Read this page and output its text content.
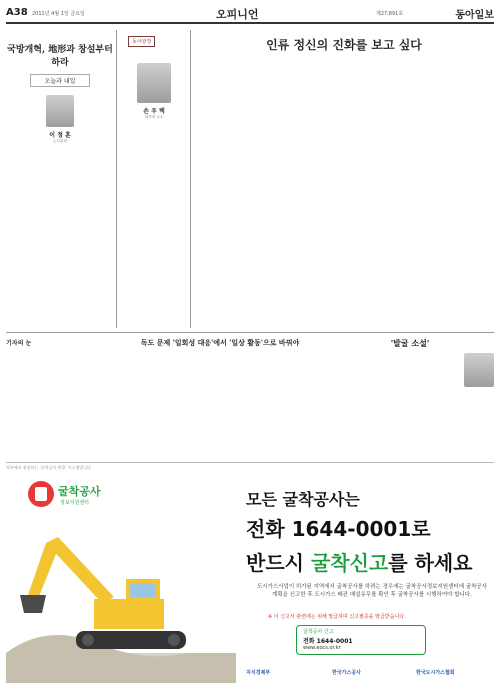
A38 2011년 4월 1일 금요일	오피니언	제27,891호	동아일보
국방개혁, 地形과 창설부터 하라
오늘과 내일
이 정 훈
논설위원
동아광장
손 우 택
세종대 교수
인류 정신의 진화를 보고 싶다
기자의 눈	독도 문제 '일회성 대응'에서 '일상 활동'으로 바꿔야	'발굴 소설'
정부에서 권장하는 ‘굴착공사 원콜’ 시스템입니다.
굴착공사
정보지원센터	모든 굴착공사는
전화 1644-0001로
반드시 굴착신고를 하세요
도시가스사업이 허가된 지역에서 굴착공사를 하려는 경우에는 굴착공사정보지원센터에 굴착공사 계획을 신고한 후 도시가스 배관 매설유무를 확인 후 굴착공사를 시행하여야 합니다.
※ 이 신고서 관련에는 위해 발급하며 신고필증을 발급받습니다.
굴착공사 신고
전화 1644-0001
www.eocs.or.kr
지식경제부	한국가스공사	한국도시가스협회
